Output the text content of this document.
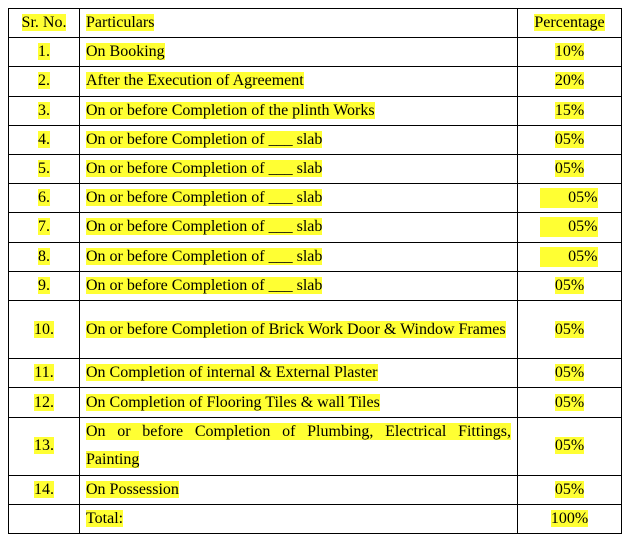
Sr. No.	Particulars	Percentage
1.	On Booking	10%
2.	After the Execution of Agreement	20%
3.	On or before Completion of the plinth Works	15%
4.	On or before Completion of ___ slab	05%
5.	On or before Completion of ___ slab	05%
6.	On or before Completion of ___ slab	05%
7.	On or before Completion of ___ slab	05%
8.	On or before Completion of ___ slab	05%
9.	On or before Completion of ___ slab	05%
10.	On or before Completion of Brick Work Door & Window Frames	05%
11.	On Completion of internal & External Plaster	05%
12.	On Completion of Flooring Tiles & wall Tiles	05%
13.	On or before Completion of Plumbing, Electrical Fittings, Painting	05%
14.	On Possession	05%
	Total:	100%
